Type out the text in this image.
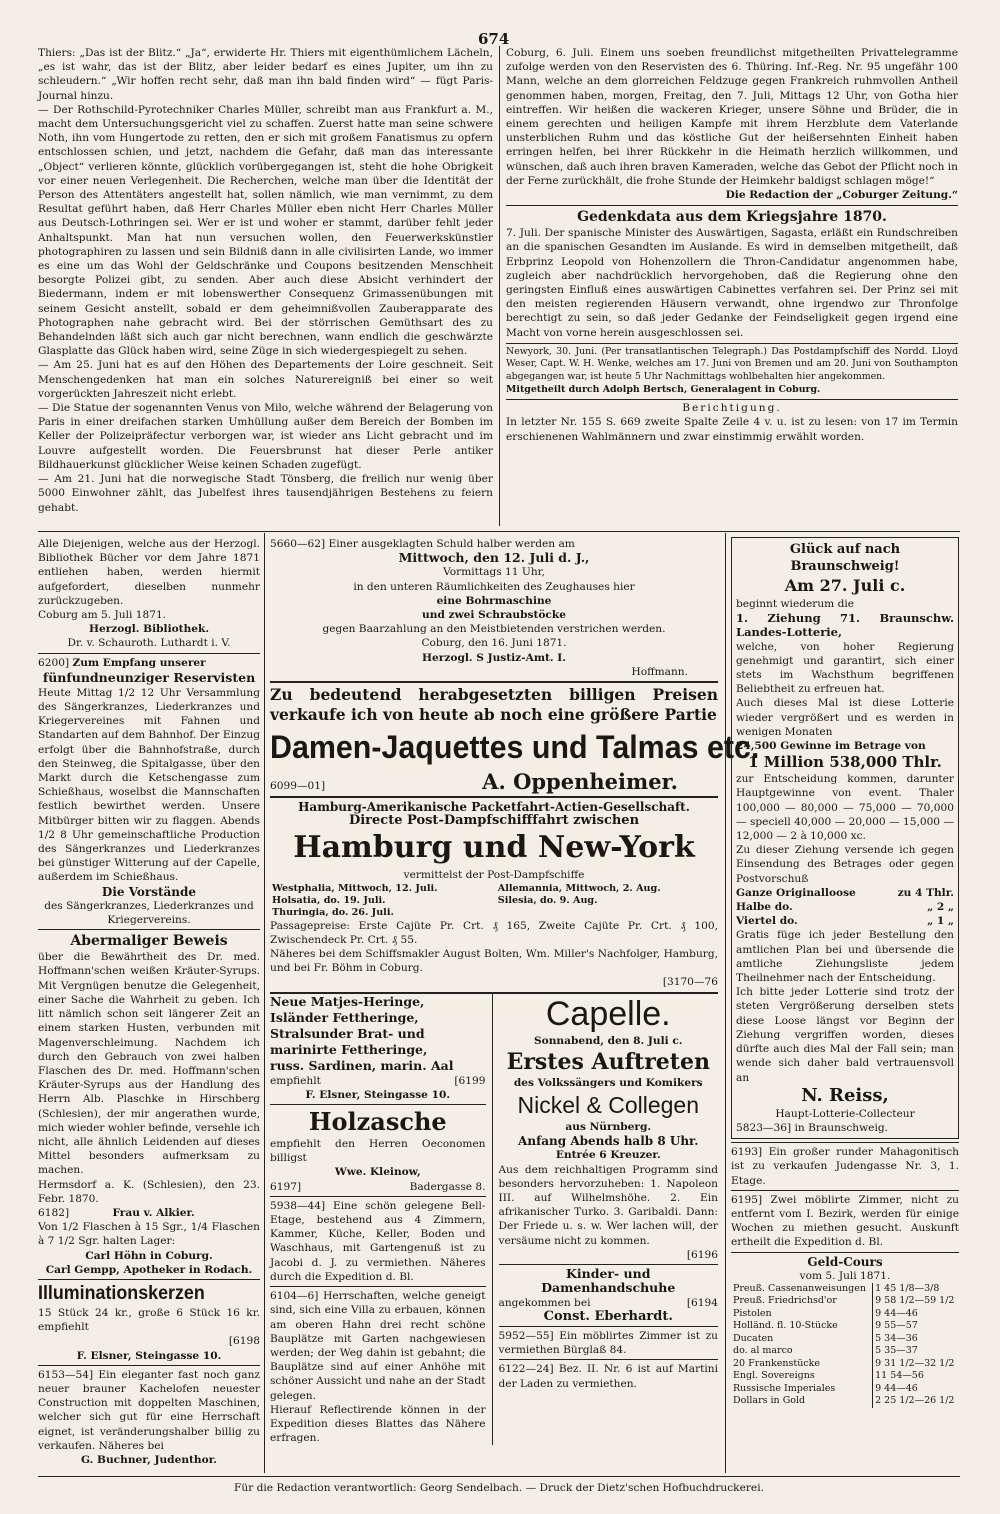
674

Thiers: „Das ist der Blitz.“ „Ja“, erwiderte Hr. Thiers mit eigenthümlichem Lächeln, „es ist wahr, das ist der Blitz, aber leider bedarf es eines Jupiter, um ihn zu schleudern.“ „Wir hoffen recht sehr, daß man ihn bald finden wird“ — fügt Paris-Journal hinzu.

— Der Rothschild-Pyrotechniker Charles Müller, schreibt man aus Frankfurt a. M., macht dem Untersuchungsgericht viel zu schaffen. Zuerst hatte man seine schwere Noth, ihn vom Hungertode zu retten, den er sich mit großem Fanatismus zu opfern entschlossen schien, und jetzt, nachdem die Gefahr, daß man das interessante „Object“ verlieren könnte, glücklich vorübergegangen ist, steht die hohe Obrigkeit vor einer neuen Verlegenheit. Die Recherchen, welche man über die Identität der Person des Attentäters angestellt hat, sollen nämlich, wie man vernimmt, zu dem Resultat geführt haben, daß Herr Charles Müller eben nicht Herr Charles Müller aus Deutsch-Lothringen sei. Wer er ist und woher er stammt, darüber fehlt jeder Anhaltspunkt. Man hat nun versuchen wollen, den Feuerwerkskünstler photographiren zu lassen und sein Bildniß dann in alle civilisirten Lande, wo immer es eine um das Wohl der Geldschränke und Coupons besitzenden Menschheit besorgte Polizei gibt, zu senden. Aber auch diese Absicht verhindert der Biedermann, indem er mit lobenswerther Consequenz Grimassenübungen mit seinem Gesicht anstellt, sobald er dem geheimnißvollen Zauberapparate des Photographen nahe gebracht wird. Bei der störrischen Gemüthsart des zu Behandelnden läßt sich auch gar nicht berechnen, wann endlich die geschwärzte Glasplatte das Glück haben wird, seine Züge in sich wiedergespiegelt zu sehen.

— Am 25. Juni hat es auf den Höhen des Departements der Loire geschneit. Seit Menschengedenken hat man ein solches Naturereigniß bei einer so weit vorgerückten Jahreszeit nicht erlebt.

— Die Statue der sogenannten Venus von Milo, welche während der Belagerung von Paris in einer dreifachen starken Umhüllung außer dem Bereich der Bomben im Keller der Polizeipräfectur verborgen war, ist wieder ans Licht gebracht und im Louvre aufgestellt worden. Die Feuersbrunst hat dieser Perle antiker Bildhauerkunst glücklicher Weise keinen Schaden zugefügt.

— Am 21. Juni hat die norwegische Stadt Tönsberg, die freilich nur wenig über 5000 Einwohner zählt, das Jubelfest ihres tausendjährigen Bestehens zu feiern gehabt.

Coburg, 6. Juli. Einem uns soeben freundlichst mitgetheilten Privattelegramme zufolge werden von den Reservisten des 6. Thüring. Inf.-Reg. Nr. 95 ungefähr 100 Mann, welche an dem glorreichen Feldzuge gegen Frankreich ruhmvollen Antheil genommen haben, morgen, Freitag, den 7. Juli, Mittags 12 Uhr, von Gotha hier eintreffen. Wir heißen die wackeren Krieger, unsere Söhne und Brüder, die in einem gerechten und heiligen Kampfe mit ihrem Herzblute dem Vaterlande unsterblichen Ruhm und das köstliche Gut der heißersehnten Einheit haben erringen helfen, bei ihrer Rückkehr in die Heimath herzlich willkommen, und wünschen, daß auch ihren braven Kameraden, welche das Gebot der Pflicht noch in der Ferne zurückhält, die frohe Stunde der Heimkehr baldigst schlagen möge!“

Die Redaction der „Coburger Zeitung.“
Gedenkdata aus dem Kriegsjahre 1870.

7. Juli. Der spanische Minister des Auswärtigen, Sagasta, erläßt ein Rundschreiben an die spanischen Gesandten im Auslande. Es wird in demselben mitgetheilt, daß Erbprinz Leopold von Hohenzollern die Thron-Candidatur angenommen habe, zugleich aber nachdrücklich hervorgehoben, daß die Regierung ohne den geringsten Einfluß eines auswärtigen Cabinettes verfahren sei. Der Prinz sei mit den meisten regierenden Häusern verwandt, ohne irgendwo zur Thronfolge berechtigt zu sein, so daß jeder Gedanke der Feindseligkeit gegen irgend eine Macht von vorne herein ausgeschlossen sei.

Newyork, 30. Juni. (Per transatlantischen Telegraph.) Das Postdampfschiff des Nordd. Lloyd Weser, Capt. W. H. Wenke, welches am 17. Juni von Bremen und am 20. Juni von Southampton abgegangen war, ist heute 5 Uhr Nachmittags wohlbehalten hier angekommen.

Mitgetheilt durch Adolph Bertsch, Generalagent in Coburg.
Berichtigung.

In letzter Nr. 155 S. 669 zweite Spalte Zeile 4 v. u. ist zu lesen: von 17 im Termin erschienenen Wahlmännern und zwar einstimmig erwählt worden.

Alle Diejenigen, welche aus der Herzogl. Bibliothek Bücher vor dem Jahre 1871 entliehen haben, werden hiermit aufgefordert, dieselben nunmehr zurückzugeben.
Coburg am 5. Juli 1871.
Herzogl. Bibliothek.
Dr. v. Schauroth. Luthardt i. V.
6200] Zum Empfang unserer
fünfundneunziger Reservisten

Heute Mittag 1/2 12 Uhr Versammlung des Sängerkranzes, Liederkranzes und Kriegervereines mit Fahnen und Standarten auf dem Bahnhof. Der Einzug erfolgt über die Bahnhofstraße, durch den Steinweg, die Spitalgasse, über den Markt durch die Ketschengasse zum Schießhaus, woselbst die Mannschaften festlich bewirthet werden. Unsere Mitbürger bitten wir zu flaggen. Abends 1/2 8 Uhr gemeinschaftliche Production des Sängerkranzes und Liederkranzes bei günstiger Witterung auf der Capelle, außerdem im Schießhaus.

Die Vorstände
des Sängerkranzes, Liederkranzes und Kriegervereins.
Abermaliger Beweis

über die Bewährtheit des Dr. med. Hoffmann'schen weißen Kräuter-Syrups. Mit Vergnügen benutze die Gelegenheit, einer Sache die Wahrheit zu geben. Ich litt nämlich schon seit längerer Zeit an einem starken Husten, verbunden mit Magenverschleimung. Nachdem ich durch den Gebrauch von zwei halben Flaschen des Dr. med. Hoffmann'schen Kräuter-Syrups aus der Handlung des Herrn Alb. Plaschke in Hirschberg (Schlesien), der mir angerathen wurde, mich wieder wohler befinde, versehle ich nicht, alle ähnlich Leidenden auf dieses Mittel besonders aufmerksam zu machen.

Hermsdorf a. K. (Schlesien), den 23. Febr. 1870.
6182]	Frau v. Alkier.
Von 1/2 Flaschen à 15 Sgr., 1/4 Flaschen à 7 1/2 Sgr. halten Lager:
Carl Höhn in Coburg.
Carl Gempp, Apotheker in Rodach.
Illuminationskerzen
15 Stück 24 kr., große 6 Stück 16 kr. empfiehlt
[6198
F. Elsner, Steingasse 10.

6153—54] Ein eleganter fast noch ganz neuer brauner Kachelofen neuester Construction mit doppelten Maschinen, welcher sich gut für eine Herrschaft eignet, ist veränderungshalber billig zu verkaufen. Näheres bei

G. Buchner, Judenthor.
5660—62] Einer ausgeklagten Schuld halber werden am
Mittwoch, den 12. Juli d. J.,
Vormittags 11 Uhr,
in den unteren Räumlichkeiten des Zeughauses hier
eine Bohrmaschine
und zwei Schraubstöcke
gegen Baarzahlung an den Meistbietenden verstrichen werden.
Coburg, den 16. Juni 1871.
Herzogl. S Justiz-Amt. I.
Hoffmann.
Zu bedeutend herabgesetzten billigen Preisen verkaufe ich von heute ab noch eine größere Partie
Damen-Jaquettes und Talmas etc.
6099—01]	A. Oppenheimer.
Hamburg-Amerikanische Packetfahrt-Actien-Gesellschaft.
Directe Post-Dampfschifffahrt zwischen
Hamburg und New-York
vermittelst der Post-Dampfschiffe
Westphalia, Mittwoch, 12. Juli.	Allemannia, Mittwoch, 2. Aug.
Holsatia, do. 19. Juli.	Silesia, do. 9. Aug.
Thuringia, do. 26. Juli.	

Passagepreise: Erste Cajüte Pr. Crt. ₰ 165, Zweite Cajüte Pr. Crt. ₰ 100, Zwischendeck Pr. Crt. ₰ 55.

Näheres bei dem Schiffsmakler August Bolten, Wm. Miller's Nachfolger, Hamburg, und bei Fr. Böhm in Coburg.

[3170—76
Neue Matjes-Heringe,
Isländer Fettheringe,
Stralsunder Brat- und
marinirte Fettheringe,
russ. Sardinen, marin. Aal
empfiehlt	[6199
F. Elsner, Steingasse 10.
Holzasche
empfiehlt den Herren Oeconomen billigst
Wwe. Kleinow,
6197]	Badergasse 8.

5938—44] Eine schön gelegene Bell-Etage, bestehend aus 4 Zimmern, Kammer, Küche, Keller, Boden und Waschhaus, mit Gartengenuß ist zu Jacobi d. J. zu vermiethen. Näheres durch die Expedition d. Bl.

6104—6] Herrschaften, welche geneigt sind, sich eine Villa zu erbauen, können am oberen Hahn drei recht schöne Bauplätze mit Garten nachgewiesen werden; der Weg dahin ist gebahnt; die Bauplätze sind auf einer Anhöhe mit schöner Aussicht und nahe an der Stadt gelegen.

Hierauf Reflectirende können in der Expedition dieses Blattes das Nähere erfragen.

Capelle.
Sonnabend, den 8. Juli c.
Erstes Auftreten
des Volkssängers und Komikers
Nickel & Collegen
aus Nürnberg.
Anfang Abends halb 8 Uhr.
Entrée 6 Kreuzer.

Aus dem reichhaltigen Programm sind besonders hervorzuheben: 1. Napoleon III. auf Wilhelmshöhe. 2. Ein afrikanischer Turko. 3. Garibaldi. Dann: Der Friede u. s. w. Wer lachen will, der versäume nicht zu kommen.

[6196
Kinder- und Damenhandschuhe
angekommen bei	[6194
Const. Eberhardt.

5952—55] Ein möblirtes Zimmer ist zu vermiethen Bürglaß 84.

6122—24] Bez. II. Nr. 6 ist auf Martini der Laden zu vermiethen.

Glück auf nach Braunschweig!
Am 27. Juli c.
beginnt wiederum die
1. Ziehung 71. Braunschw. Landes-Lotterie,

welche, von hoher Regierung genehmigt und garantirt, sich einer stets im Wachsthum begriffenen Beliebtheit zu erfreuen hat.

Auch dieses Mal ist diese Lotterie wieder vergrößert und es werden in wenigen Monaten

24,500 Gewinne im Betrage von
1 Million 538,000 Thlr.

zur Entscheidung kommen, darunter Hauptgewinne von event. Thaler 100,000 — 80,000 — 75,000 — 70,000 — speciell 40,000 — 20,000 — 15,000 — 12,000 — 2 à 10,000 xc.

Zu dieser Ziehung versende ich gegen Einsendung des Betrages oder gegen Postvorschuß

Ganze Originalloose	zu 4 Thlr.
Halbe do.	„ 2 „
Viertel do.	„ 1 „

Gratis füge ich jeder Bestellung den amtlichen Plan bei und übersende die amtliche Ziehungsliste jedem Theilnehmer nach der Entscheidung.

Ich bitte jeder Lotterie sind trotz der steten Vergrößerung derselben stets diese Loose längst vor Beginn der Ziehung vergriffen worden, dieses dürfte auch dies Mal der Fall sein; man wende sich daher bald vertrauensvoll an

N. Reiss,
Haupt-Lotterie-Collecteur
5823—36] in Braunschweig.

6193] Ein großer runder Mahagonitisch ist zu verkaufen Judengasse Nr. 3, 1. Etage.

6195] Zwei möblirte Zimmer, nicht zu entfernt vom I. Bezirk, werden für einige Wochen zu miethen gesucht. Auskunft ertheilt die Expedition d. Bl.

Geld-Cours
vom 5. Juli 1871.
Preuß. Cassenanweisungen	1 45 1/8—3/8
Preuß. Friedrichsd'or	9 58 1/2—59 1/2
Pistolen	9 44—46
Holländ. fl. 10-Stücke	9 55—57
Ducaten	5 34—36
do. al marco	5 35—37
20 Frankenstücke	9 31 1/2—32 1/2
Engl. Sovereigns	11 54—56
Russische Imperiales	9 44—46
Dollars in Gold	2 25 1/2—26 1/2
Für die Redaction verantwortlich: Georg Sendelbach. — Druck der Dietz'schen Hofbuchdruckerei.
